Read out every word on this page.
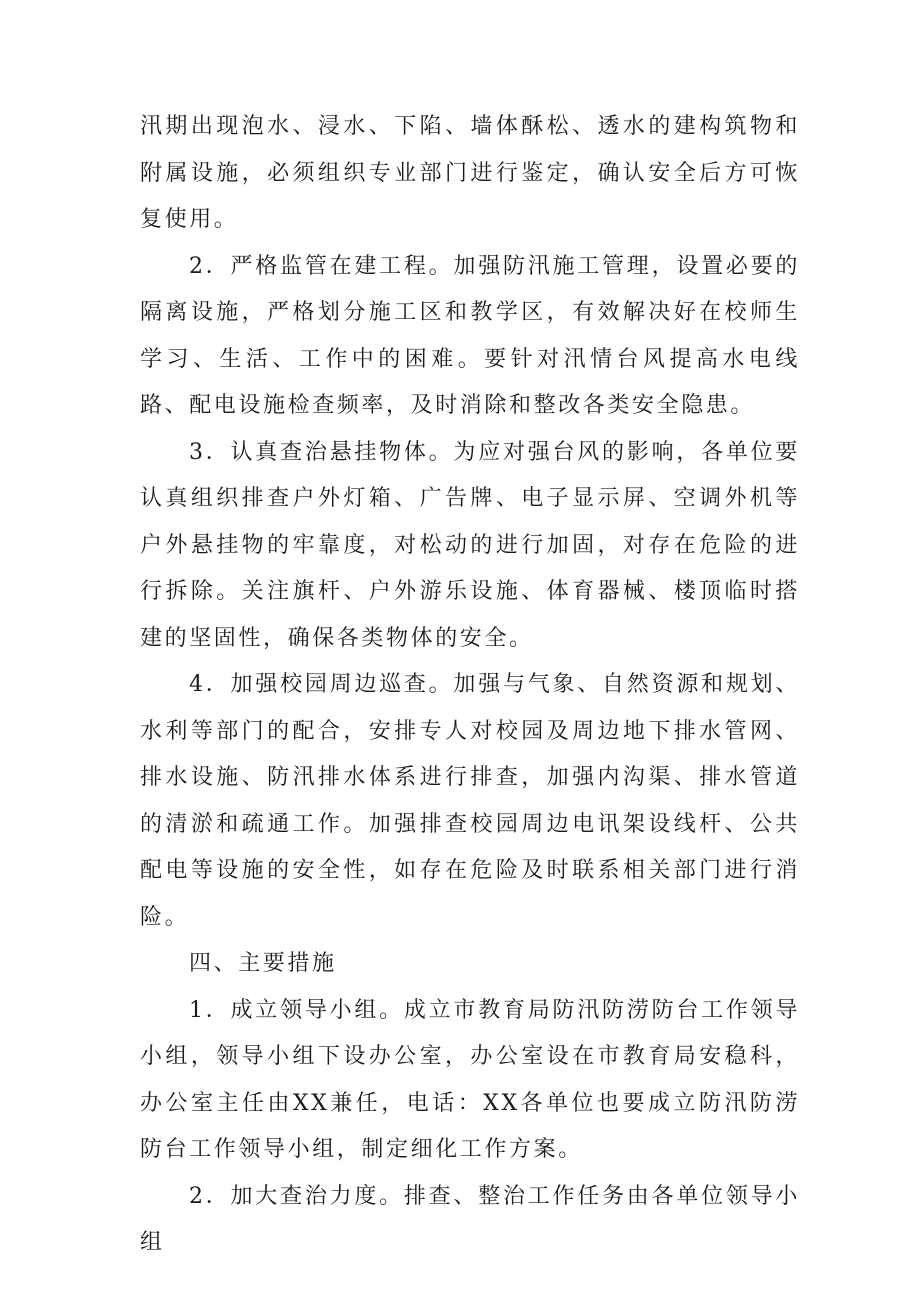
汛期出现泡水、浸水、下陷、墙体酥松、透水的建构筑物和附属设施，必须组织专业部门进行鉴定，确认安全后方可恢复使用。

2．严格监管在建工程。加强防汛施工管理，设置必要的隔离设施，严格划分施工区和教学区，有效解决好在校师生学习、生活、工作中的困难。要针对汛情台风提高水电线路、配电设施检查频率，及时消除和整改各类安全隐患。

3．认真查治悬挂物体。为应对强台风的影响，各单位要认真组织排查户外灯箱、广告牌、电子显示屏、空调外机等户外悬挂物的牢靠度，对松动的进行加固，对存在危险的进行拆除。关注旗杆、户外游乐设施、体育器械、楼顶临时搭建的坚固性，确保各类物体的安全。

4．加强校园周边巡查。加强与气象、自然资源和规划、水利等部门的配合，安排专人对校园及周边地下排水管网、排水设施、防汛排水体系进行排查，加强内沟渠、排水管道的清淤和疏通工作。加强排查校园周边电讯架设线杆、公共配电等设施的安全性，如存在危险及时联系相关部门进行消险。

四、主要措施

1．成立领导小组。成立市教育局防汛防涝防台工作领导小组，领导小组下设办公室，办公室设在市教育局安稳科，办公室主任由XX兼任，电话：XX各单位也要成立防汛防涝防台工作领导小组，制定细化工作方案。

2．加大查治力度。排查、整治工作任务由各单位领导小组
